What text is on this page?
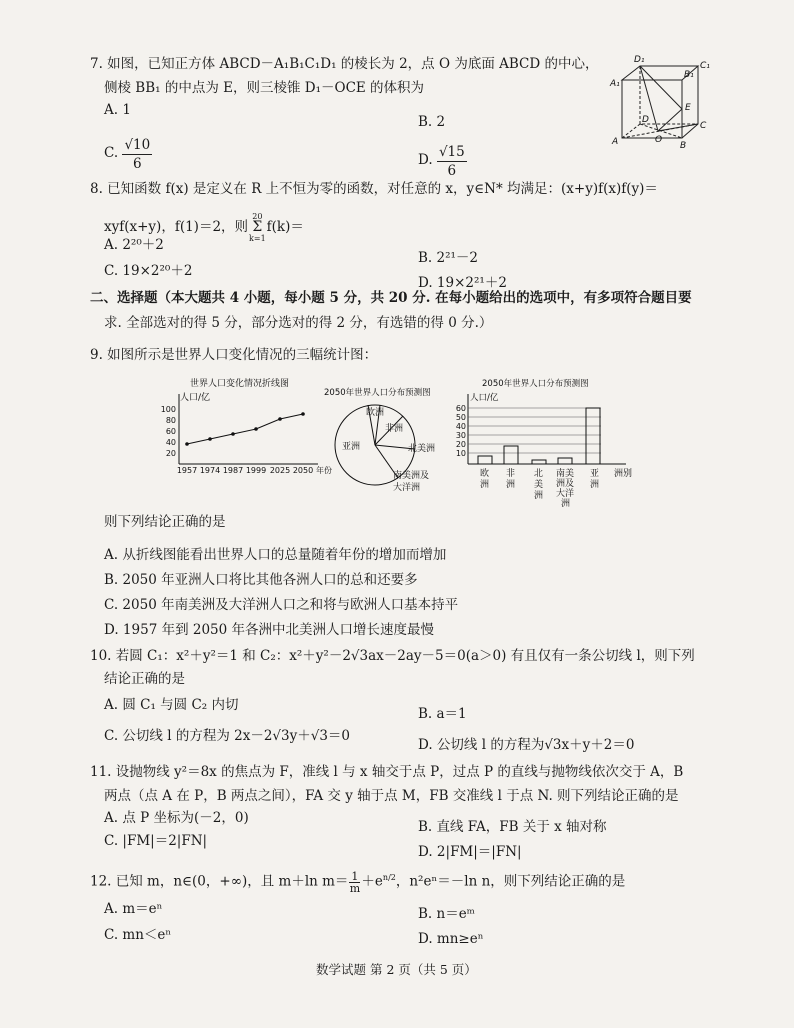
7. 如图，已知正方体 ABCD－A₁B₁C₁D₁ 的棱长为 2，点 O 为底面 ABCD 的中心，
侧棱 BB₁ 的中点为 E，则三棱锥 D₁－OCE 的体积为
A. 1
B. 2
C. $\frac{√10}{6}$	D. $\frac{√15}{6}$
D₁
C₁
A₁
B₁
E
D
C
A	B
O
8. 已知函数 f(x) 是定义在 R 上不恒为零的函数，对任意的 x，y∈N* 均满足：(x+y)f(x)f(y)＝
xyf(x+y)，f(1)＝2，则
20
Σ
k=1
f(k)＝
A. 2²⁰＋2
B. 2²¹－2
C. 19×2²⁰＋2
D. 19×2²¹＋2
二、选择题（本大题共 4 小题，每小题 5 分，共 20 分. 在每小题给出的选项中，有多项符合题目要
求. 全部选对的得 5 分，部分选对的得 2 分，有选错的得 0 分.）
9. 如图所示是世界人口变化情况的三幅统计图：
世界人口变化情况折线图
人口/亿
100
80
60
40
20
1957 1974 1987 1999 2025 2050 年份
2050年世界人口分布预测图
欧洲
非洲
亚洲	北美洲
南美洲及
大洋洲
2050年世界人口分布预测图
人口/亿
60
50
40
30
20
10
欧洲
非洲
北美洲
南美洲及大洋洲
亚洲
洲别
则下列结论正确的是
A. 从折线图能看出世界人口的总量随着年份的增加而增加
B. 2050 年亚洲人口将比其他各洲人口的总和还要多
C. 2050 年南美洲及大洋洲人口之和将与欧洲人口基本持平
D. 1957 年到 2050 年各洲中北美洲人口增长速度最慢
10. 若圆 C₁：x²＋y²＝1 和 C₂：x²＋y²－2√3ax－2ay－5＝0(a＞0) 有且仅有一条公切线 l，则下列
结论正确的是
A. 圆 C₁ 与圆 C₂ 内切
B. a＝1
C. 公切线 l 的方程为 2x－2√3y＋√3＝0
D. 公切线 l 的方程为√3x＋y＋2＝0
11. 设抛物线 y²＝8x 的焦点为 F，准线 l 与 x 轴交于点 P，过点 P 的直线与抛物线依次交于 A，B
两点（点 A 在 P，B 两点之间），FA 交 y 轴于点 M，FB 交准线 l 于点 N. 则下列结论正确的是
A. 点 P 坐标为(－2，0)
B. 直线 FA，FB 关于 x 轴对称
C. |FM|＝2|FN|
D. 2|FM|＝|FN|
12. 已知 m，n∈(0，+∞)，且 m＋ln $m= \frac{1}{m} +e^{n/2}$，n²eⁿ＝－ln n，则下列结论正确的是
A. m＝eⁿ	B. n＝eᵐ
C. mn＜eⁿ	D. mn≥eⁿ
数学试题 第 2 页（共 5 页）
